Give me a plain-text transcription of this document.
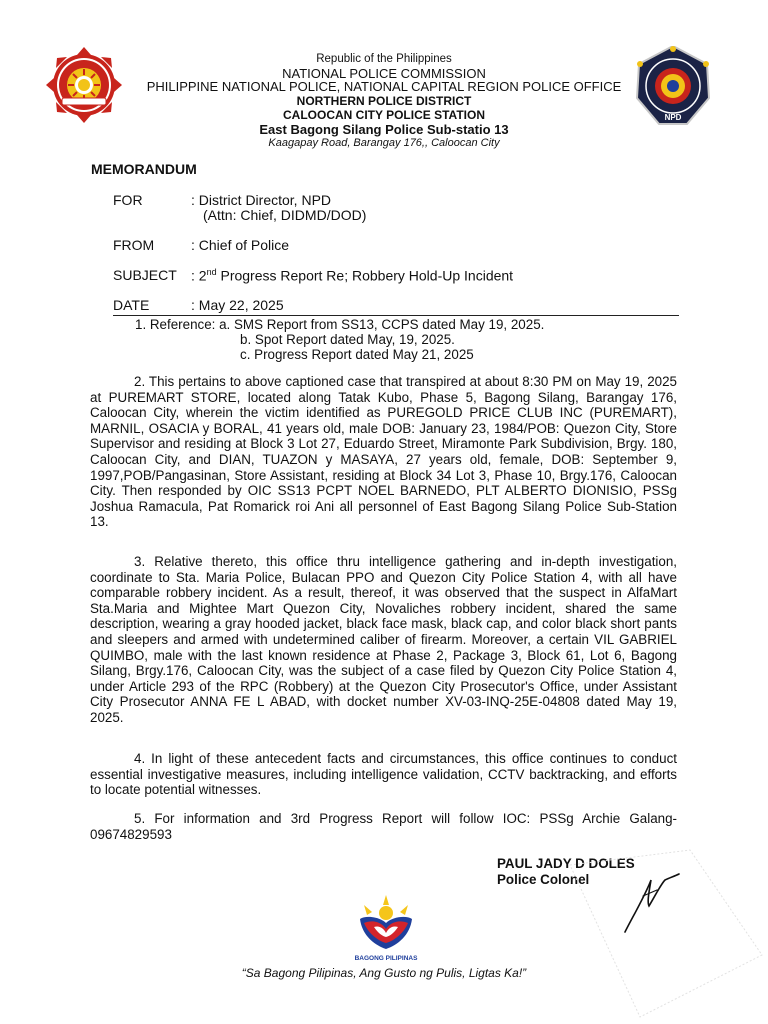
NPD
Republic of the Philippines
NATIONAL POLICE COMMISSION
PHILIPPINE NATIONAL POLICE, NATIONAL CAPITAL REGION POLICE OFFICE
NORTHERN POLICE DISTRICT
CALOOCAN CITY POLICE STATION
East Bagong Silang Police Sub-statio 13
Kaagapay Road, Barangay 176,, Caloocan City
MEMORANDUM
FOR	: District Director, NPD
(Attn: Chief, DIDMD/DOD)
FROM	: Chief of Police
SUBJECT : 2nd Progress Report Re; Robbery Hold-Up Incident
DATE	: May 22, 2025
1. Reference: a. SMS Report from SS13, CCPS dated May 19, 2025.
b. Spot Report dated May, 19, 2025.
c. Progress Report dated May 21, 2025
2. This pertains to above captioned case that transpired at about 8:30 PM on May 19, 2025 at PUREMART STORE, located along Tatak Kubo, Phase 5, Bagong Silang, Barangay 176, Caloocan City, wherein the victim identified as PUREGOLD PRICE CLUB INC (PUREMART), MARNIL, OSACIA y BORAL, 41 years old, male DOB: January 23, 1984/POB: Quezon City, Store Supervisor and residing at Block 3 Lot 27, Eduardo Street, Miramonte Park Subdivision, Brgy. 180, Caloocan City, and DIAN, TUAZON y MASAYA, 27 years old, female, DOB: September 9, 1997,POB/Pangasinan, Store Assistant, residing at Block 34 Lot 3, Phase 10, Brgy.176, Caloocan City. Then responded by OIC SS13 PCPT NOEL BARNEDO, PLT ALBERTO DIONISIO, PSSg Joshua Ramacula, Pat Romarick roi Ani all personnel of East Bagong Silang Police Sub-Station 13.
3. Relative thereto, this office thru intelligence gathering and in-depth investigation, coordinate to Sta. Maria Police, Bulacan PPO and Quezon City Police Station 4, with all have comparable robbery incident. As a result, thereof, it was observed that the suspect in AlfaMart Sta.Maria and Mightee Mart Quezon City, Novaliches robbery incident, shared the same description, wearing a gray hooded jacket, black face mask, black cap, and color black short pants and sleepers and armed with undetermined caliber of firearm. Moreover, a certain VIL GABRIEL QUIMBO, male with the last known residence at Phase 2, Package 3, Block 61, Lot 6, Bagong Silang, Brgy.176, Caloocan City, was the subject of a case filed by Quezon City Police Station 4, under Article 293 of the RPC (Robbery) at the Quezon City Prosecutor's Office, under Assistant City Prosecutor ANNA FE L ABAD, with docket number XV-03-INQ-25E-04808 dated May 19, 2025.
4. In light of these antecedent facts and circumstances, this office continues to conduct essential investigative measures, including intelligence validation, CCTV backtracking, and efforts to locate potential witnesses.
5. For information and 3rd Progress Report will follow IOC: PSSg Archie Galang-09674829593
PAUL JADY D DOLES
Police Colonel
BAGONG PILIPINAS
“Sa Bagong Pilipinas, Ang Gusto ng Pulis, Ligtas Ka!”
